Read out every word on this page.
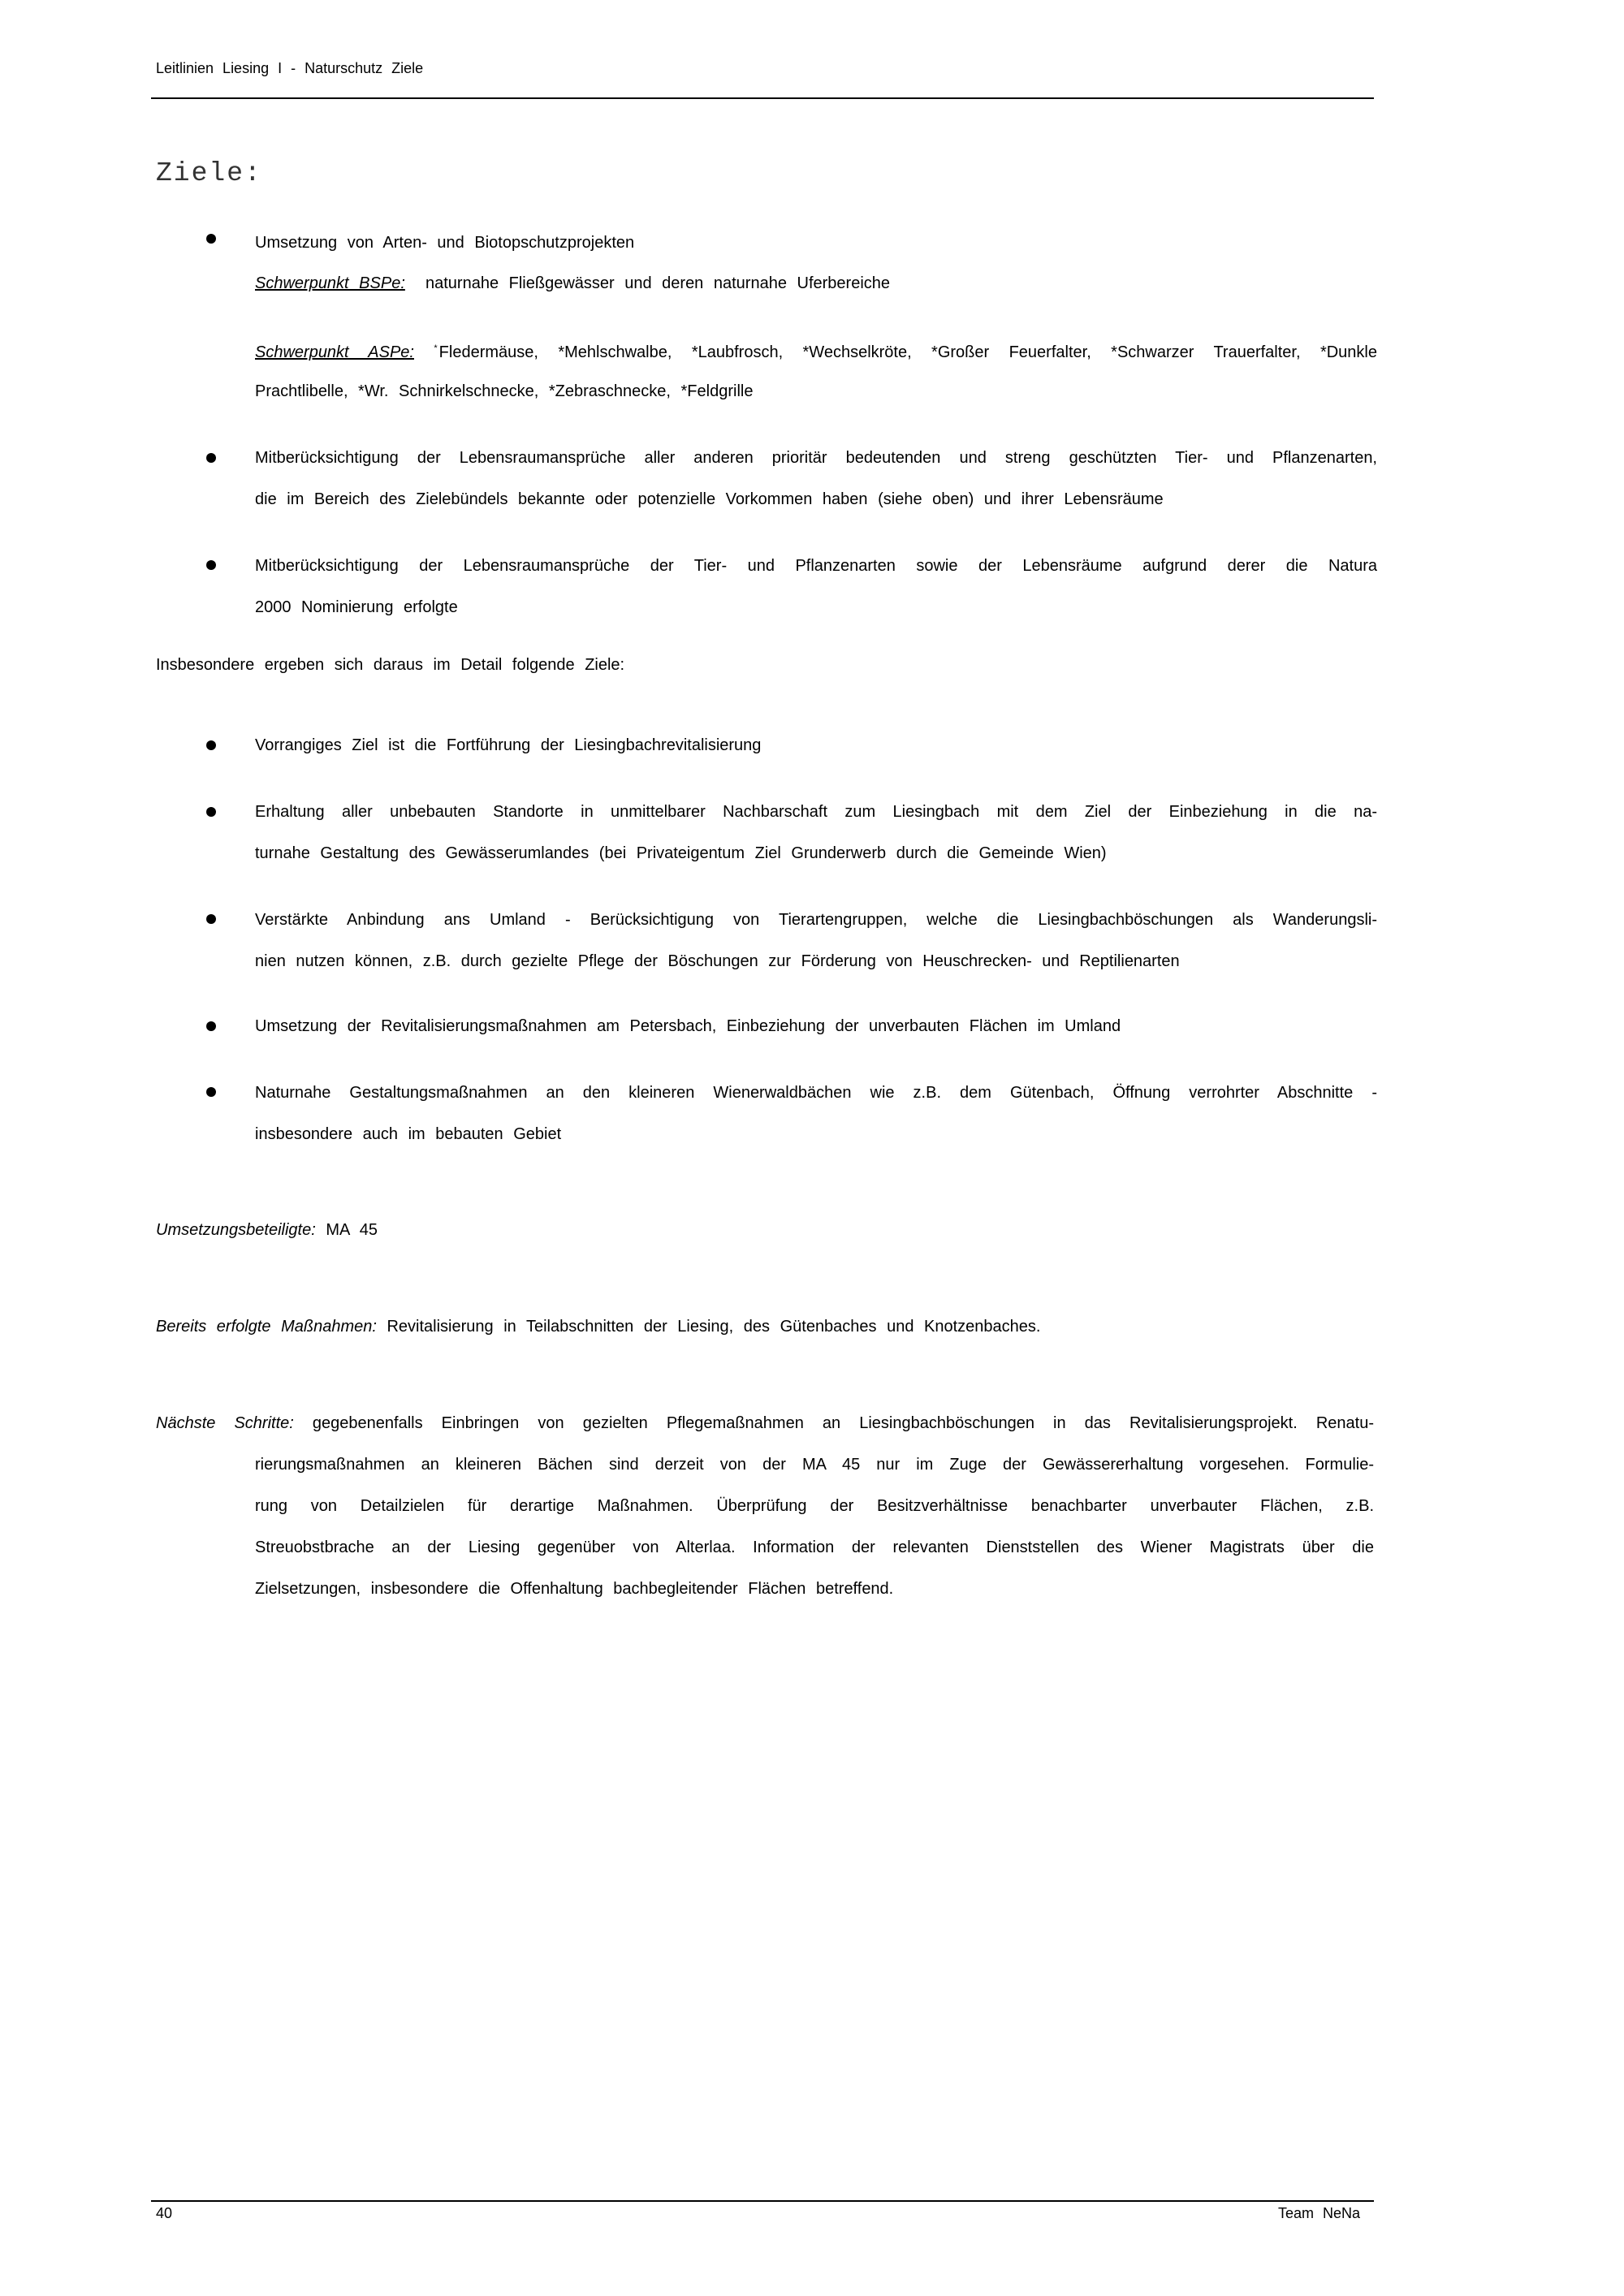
Leitlinien Liesing I - Naturschutz Ziele
Ziele:
Umsetzung von Arten- und Biotopschutzprojekten
Schwerpunkt BSPe: naturnahe Fließgewässer und deren naturnahe Uferbereiche
Schwerpunkt ASPe: * Fledermäuse, *Mehlschwalbe, *Laubfrosch, *Wechselkröte, *Großer Feuerfalter, *Schwarzer Trauerfalter, *Dunkle
Prachtlibelle, *Wr. Schnirkelschnecke, *Zebraschnecke, *Feldgrille
Mitberücksichtigung der Lebensraumansprüche aller anderen prioritär bedeutenden und streng geschützten Tier- und Pflanzenarten,
die im Bereich des Zielebündels bekannte oder potenzielle Vorkommen haben (siehe oben) und ihrer Lebensräume
Mitberücksichtigung der Lebensraumansprüche der Tier- und Pflanzenarten sowie der Lebensräume aufgrund derer die Natura
2000 Nominierung erfolgte
Insbesondere ergeben sich daraus im Detail folgende Ziele:
Vorrangiges Ziel ist die Fortführung der Liesingbachrevitalisierung
Erhaltung aller unbebauten Standorte in unmittelbarer Nachbarschaft zum Liesingbach mit dem Ziel der Einbeziehung in die na-
turnahe Gestaltung des Gewässerumlandes (bei Privateigentum Ziel Grunderwerb durch die Gemeinde Wien)
Verstärkte Anbindung ans Umland - Berücksichtigung von Tierartengruppen, welche die Liesingbachböschungen als Wanderungsli-
nien nutzen können, z.B. durch gezielte Pflege der Böschungen zur Förderung von Heuschrecken- und Reptilienarten
Umsetzung der Revitalisierungsmaßnahmen am Petersbach, Einbeziehung der unverbauten Flächen im Umland
Naturnahe Gestaltungsmaßnahmen an den kleineren Wienerwaldbächen wie z.B. dem Gütenbach, Öffnung verrohrter Abschnitte -
insbesondere auch im bebauten Gebiet
Umsetzungsbeteiligte: MA 45
Bereits erfolgte Maßnahmen: Revitalisierung in Teilabschnitten der Liesing, des Gütenbaches und Knotzenbaches.
Nächste Schritte: gegebenenfalls Einbringen von gezielten Pflegemaßnahmen an Liesingbachböschungen in das Revitalisierungsprojekt. Renatu-
rierungsmaßnahmen an kleineren Bächen sind derzeit von der MA 45 nur im Zuge der Gewässererhaltung vorgesehen. Formulie-
rung von Detailzielen für derartige Maßnahmen. Überprüfung der Besitzverhältnisse benachbarter unverbauter Flächen, z.B.
Streuobstbrache an der Liesing gegenüber von Alterlaa. Information der relevanten Dienststellen des Wiener Magistrats über die
Zielsetzungen, insbesondere die Offenhaltung bachbegleitender Flächen betreffend.
40	Team NeNa
